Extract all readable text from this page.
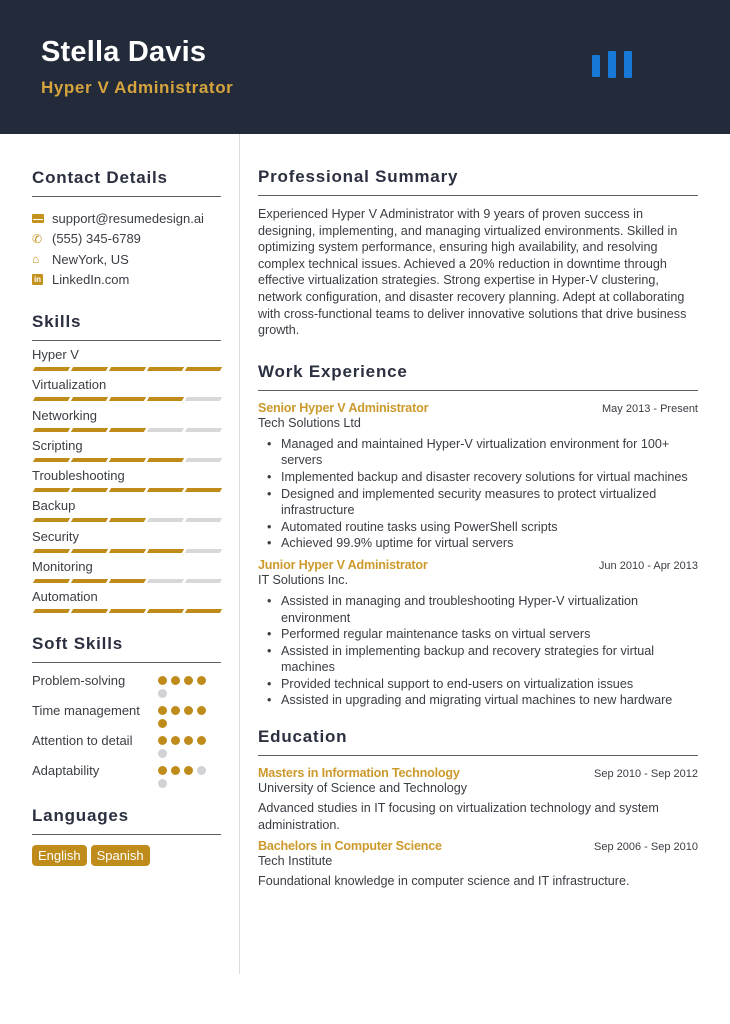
Stella Davis
Hyper V Administrator
Contact Details
support@resumedesign.ai
✆ (555) 345-6789
⌂ NewYork, US
in LinkedIn.com
Skills
Hyper V
Virtualization
Networking
Scripting
Troubleshooting
Backup
Security
Monitoring
Automation
Soft Skills
Problem-solving
Time management
Attention to detail
Adaptability
Languages
English	Spanish
Professional Summary

Experienced Hyper V Administrator with 9 years of proven success in designing, implementing, and managing virtualized environments. Skilled in optimizing system performance, ensuring high availability, and resolving complex technical issues. Achieved a 20% reduction in downtime through effective virtualization strategies. Strong expertise in Hyper-V clustering, network configuration, and disaster recovery planning. Adept at collaborating with cross-functional teams to deliver innovative solutions that drive business growth.

Work Experience
Senior Hyper V Administrator	May 2013 - Present
Tech Solutions Ltd
• Managed and maintained Hyper-V virtualization environment for 100+ servers
• Implemented backup and disaster recovery solutions for virtual machines
• Designed and implemented security measures to protect virtualized infrastructure
• Automated routine tasks using PowerShell scripts
• Achieved 99.9% uptime for virtual servers
Junior Hyper V Administrator	Jun 2010 - Apr 2013
IT Solutions Inc.
• Assisted in managing and troubleshooting Hyper-V virtualization environment
• Performed regular maintenance tasks on virtual servers
• Assisted in implementing backup and recovery strategies for virtual machines
• Provided technical support to end-users on virtualization issues
• Assisted in upgrading and migrating virtual machines to new hardware
Education
Masters in Information Technology	Sep 2010 - Sep 2012
University of Science and Technology
Advanced studies in IT focusing on virtualization technology and system administration.
Bachelors in Computer Science	Sep 2006 - Sep 2010
Tech Institute
Foundational knowledge in computer science and IT infrastructure.
